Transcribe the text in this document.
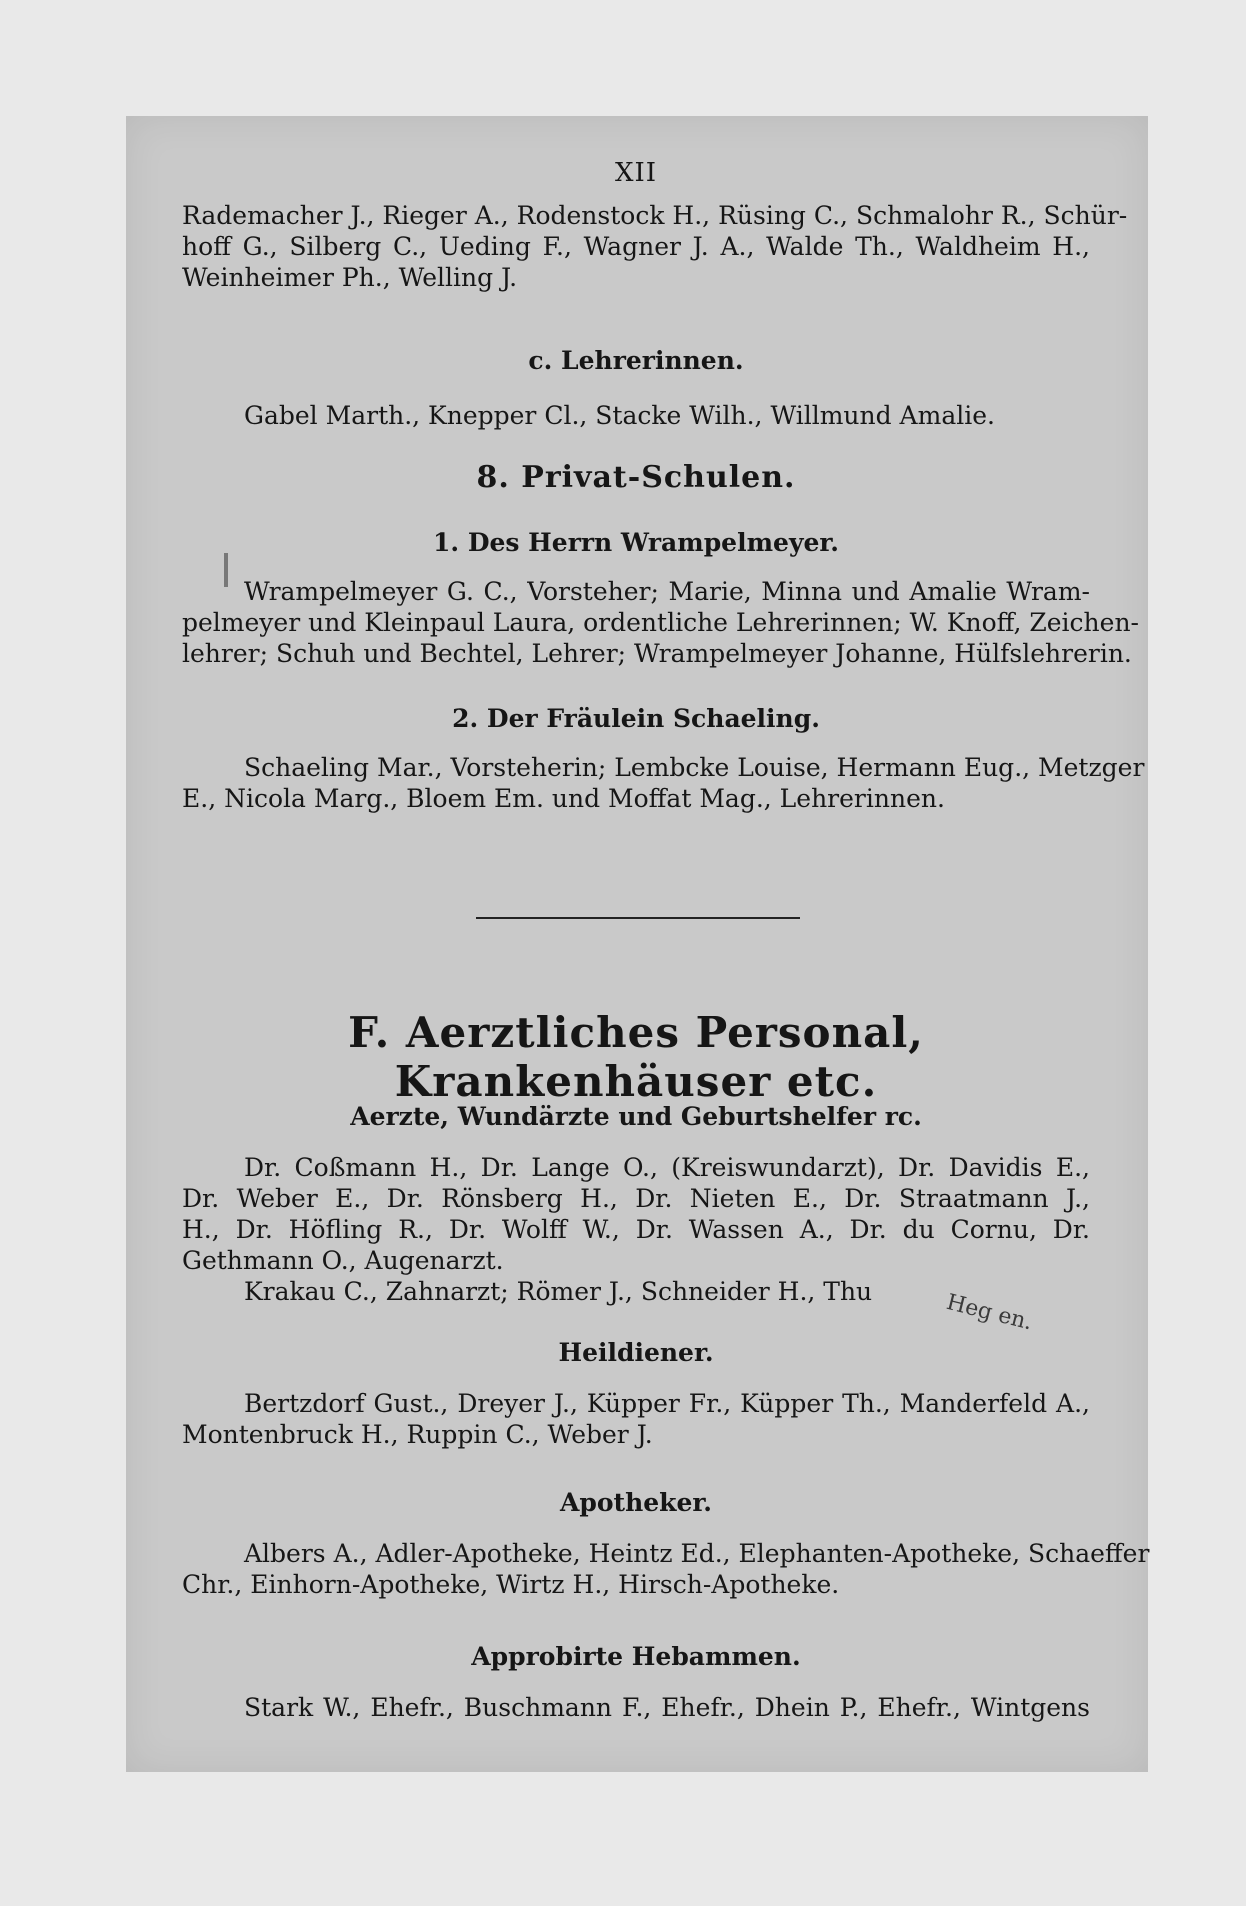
XII
Rademacher J., Rieger A., Rodenstock H., Rüsing C., Schmalohr R., Schür-
hoff G., Silberg C., Ueding F., Wagner J. A., Walde Th., Waldheim H.,
Weinheimer Ph., Welling J.
c. Lehrerinnen.
Gabel Marth., Knepper Cl., Stacke Wilh., Willmund Amalie.
8. Privat-Schulen.
1. Des Herrn Wrampelmeyer.
Wrampelmeyer G. C., Vorsteher; Marie, Minna und Amalie Wram-
pelmeyer und Kleinpaul Laura, ordentliche Lehrerinnen; W. Knoff, Zeichen-
lehrer; Schuh und Bechtel, Lehrer; Wrampelmeyer Johanne, Hülfslehrerin.
2. Der Fräulein Schaeling.
Schaeling Mar., Vorsteherin; Lembcke Louise, Hermann Eug., Metzger
E., Nicola Marg., Bloem Em. und Moffat Mag., Lehrerinnen.
F. Aerztliches Personal, Krankenhäuser etc.
Aerzte, Wundärzte und Geburtshelfer rc.
Dr. Coßmann H., Dr. Lange O., (Kreiswundarzt), Dr. Davidis E.,
Dr. Weber E., Dr. Rönsberg H., Dr. Nieten E., Dr. Straatmann J.,
H., Dr. Höfling R., Dr. Wolff W., Dr. Wassen A., Dr. du Cornu, Dr.
Gethmann O., Augenarzt.
Krakau C., Zahnarzt; Römer J., Schneider H., Thu
Heildiener.
Bertzdorf Gust., Dreyer J., Küpper Fr., Küpper Th., Manderfeld A.,
Montenbruck H., Ruppin C., Weber J.
Apotheker.
Albers A., Adler-Apotheke, Heintz Ed., Elephanten-Apotheke, Schaeffer
Chr., Einhorn-Apotheke, Wirtz H., Hirsch-Apotheke.
Approbirte Hebammen.
Stark W., Ehefr., Buschmann F., Ehefr., Dhein P., Ehefr., Wintgens
Heg en.
